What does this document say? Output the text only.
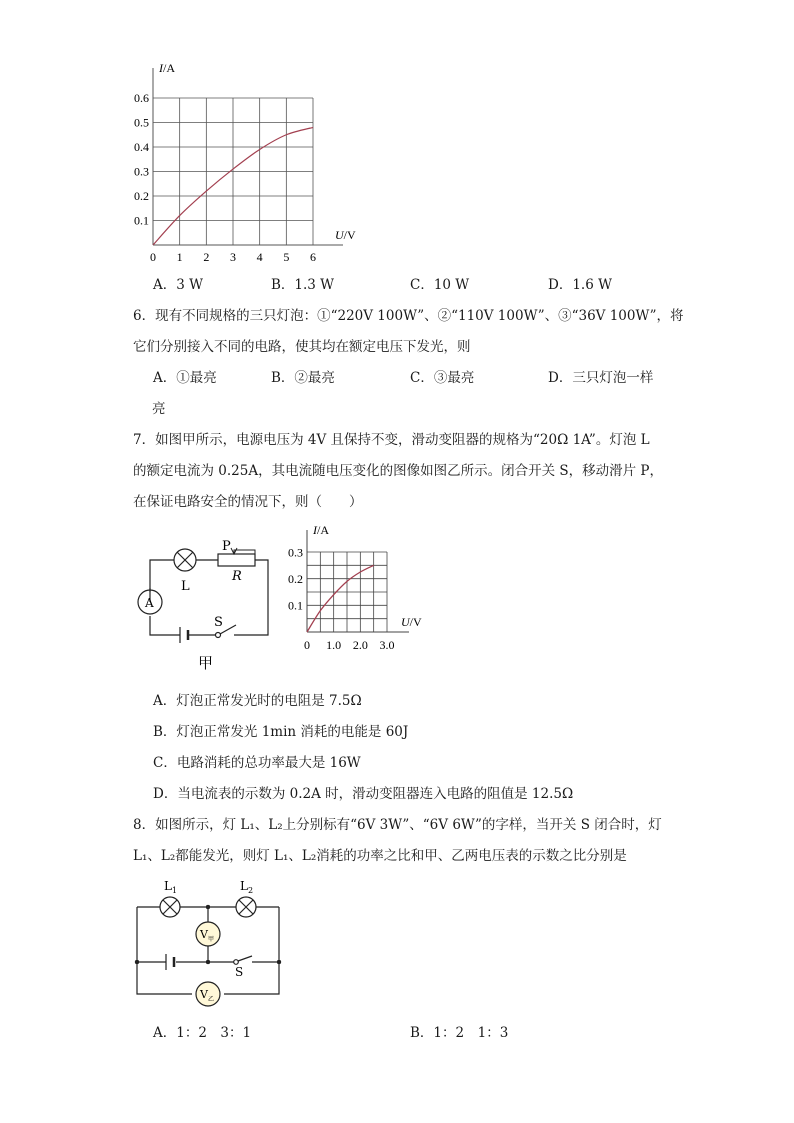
0 1 2 3 4 5 6
0.1
0.2
0.3
0.4
0.5
0.6
I/A
U/V
A．3 W	B．1.3 W	C．10 W	D．1.6 W
6．现有不同规格的三只灯泡：①“220V 100W”、②“110V 100W”、③“36V 100W”，将
它们分别接入不同的电路，使其均在额定电压下发光，则
A．①最亮	B．②最亮	C．③最亮	D．三只灯泡一样
亮
7．如图甲所示，电源电压为 4V 且保持不变，滑动变阻器的规格为“20Ω 1A”。灯泡 L
的额定电流为 0.25A，其电流随电压变化的图像如图乙所示。闭合开关 S，移动滑片 P，
在保证电路安全的情况下，则（　　）
L
P
R
A
S
甲
0 1.0 2.0 3.0
0.1
0.2
0.3
I/A
U/V
A．灯泡正常发光时的电阻是 7.5Ω
B．灯泡正常发光 1min 消耗的电能是 60J
C．电路消耗的总功率最大是 16W
D．当电流表的示数为 0.2A 时，滑动变阻器连入电路的阻值是 12.5Ω
8．如图所示，灯 L₁、L₂上分别标有“6V 3W”、“6V 6W”的字样，当开关 S 闭合时，灯
L₁、L₂都能发光，则灯 L₁、L₂消耗的功率之比和甲、乙两电压表的示数之比分别是
$L_1$	$L_2$
$V_甲$
S
$V_乙$
A．1：2　3：1	B．1：2　1：3
